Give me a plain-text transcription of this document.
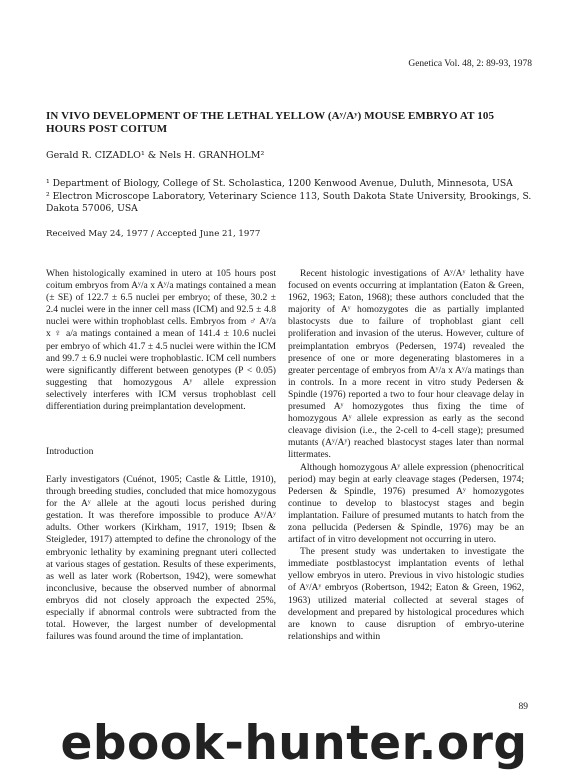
Genetica Vol. 48, 2: 89-93, 1978
IN VIVO DEVELOPMENT OF THE LETHAL YELLOW (Aʸ/Aʸ) MOUSE EMBRYO AT 105 HOURS POST COITUM
Gerald R. CIZADLO¹ & Nels H. GRANHOLM²
¹ Department of Biology, College of St. Scholastica, 1200 Kenwood Avenue, Duluth, Minnesota, USA
² Electron Microscope Laboratory, Veterinary Science 113, South Dakota State University, Brookings, S. Dakota 57006, USA
Received May 24, 1977 / Accepted June 21, 1977

When histologically examined in utero at 105 hours post coitum embryos from Aʸ/a x Aʸ/a matings contained a mean (± SE) of 122.7 ± 6.5 nuclei per embryo; of these, 30.2 ± 2.4 nuclei were in the inner cell mass (ICM) and 92.5 ± 4.8 nuclei were within trophoblast cells. Embryos from ♂ Aʸ/a x ♀ a/a matings contained a mean of 141.4 ± 10.6 nuclei per embryo of which 41.7 ± 4.5 nuclei were within the ICM and 99.7 ± 6.9 nuclei were trophoblastic. ICM cell numbers were significantly different between genotypes (P < 0.05) suggesting that homozygous Aʸ allele expression selectively interferes with ICM versus trophoblast cell differentiation during preimplantation development.

Introduction

Early investigators (Cuénot, 1905; Castle & Little, 1910), through breeding studies, concluded that mice homozygous for the Aʸ allele at the agouti locus perished during gestation. It was therefore impossible to produce Aʸ/Aʸ adults. Other workers (Kirkham, 1917, 1919; Ibsen & Steigleder, 1917) attempted to define the chronology of the embryonic lethality by examining pregnant uteri collected at various stages of gestation. Results of these experiments, as well as later work (Robertson, 1942), were somewhat inconclusive, because the observed number of abnormal embryos did not closely approach the expected 25%, especially if abnormal controls were subtracted from the total. However, the largest number of developmental failures was found around the time of implantation.

Recent histologic investigations of Aʸ/Aʸ lethality have focused on events occurring at implantation (Eaton & Green, 1962, 1963; Eaton, 1968); these authors concluded that the majority of Aʸ homozygotes die as partially implanted blastocysts due to failure of trophoblast giant cell proliferation and invasion of the uterus. However, culture of preimplantation embryos (Pedersen, 1974) revealed the presence of one or more degenerating blastomeres in a greater percentage of embryos from Aʸ/a x Aʸ/a matings than in controls. In a more recent in vitro study Pedersen & Spindle (1976) reported a two to four hour cleavage delay in presumed Aʸ homozygotes thus fixing the time of homozygous Aʸ allele expression as early as the second cleavage division (i.e., the 2-cell to 4-cell stage); presumed mutants (Aʸ/Aʸ) reached blastocyst stages later than normal littermates.

Although homozygous Aʸ allele expression (phenocritical period) may begin at early cleavage stages (Pedersen, 1974; Pedersen & Spindle, 1976) presumed Aʸ homozygotes continue to develop to blastocyst stages and begin implantation. Failure of presumed mutants to hatch from the zona pellucida (Pedersen & Spindle, 1976) may be an artifact of in vitro development not occurring in utero.

The present study was undertaken to investigate the immediate postblastocyst implantation events of lethal yellow embryos in utero. Previous in vivo histologic studies of Aʸ/Aʸ embryos (Robertson, 1942; Eaton & Green, 1962, 1963) utilized material collected at several stages of development and prepared by histological procedures which are known to cause disruption of embryo-uterine relationships and within

89
ebook-hunter.org
